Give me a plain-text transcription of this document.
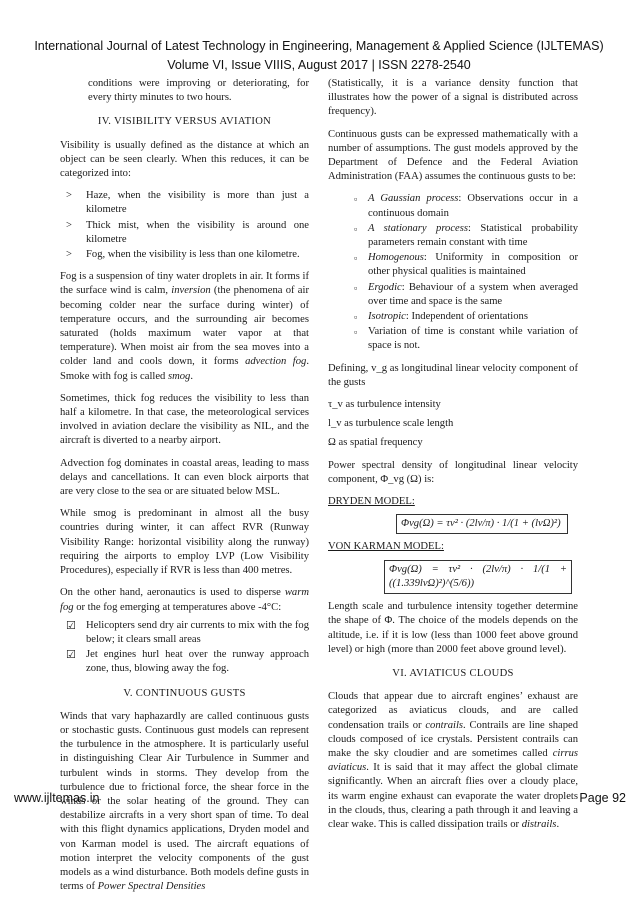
International Journal of Latest Technology in Engineering, Management & Applied Science (IJLTEMAS)
Volume VI, Issue VIIIS, August 2017 | ISSN 2278-2540

conditions were improving or deteriorating, for every thirty minutes to two hours.

IV. VISIBILITY VERSUS AVIATION

Visibility is usually defined as the distance at which an object can be seen clearly. When this reduces, it can be categorized into:

> Haze, when the visibility is more than just a kilometre
> Thick mist, when the visibility is around one kilometre
> Fog, when the visibility is less than one kilometre.

Fog is a suspension of tiny water droplets in air. It forms if the surface wind is calm, inversion (the phenomena of air becoming colder near the surface during winter) of temperature occurs, and the surrounding air becomes saturated (holds maximum water vapor at that temperature). When moist air from the sea moves into a colder land and cools down, it forms advection fog. Smoke with fog is called smog.

Sometimes, thick fog reduces the visibility to less than half a kilometre. In that case, the meteorological services involved in aviation declare the visibility as NIL, and the aircraft is diverted to a nearby airport.

Advection fog dominates in coastal areas, leading to mass delays and cancellations. It can even block airports that are very close to the sea or are situated below MSL.

While smog is predominant in almost all the busy countries during winter, it can affect RVR (Runway Visibility Range: horizontal visibility along the runway) requiring the airports to employ LVP (Low Visibility Procedures), especially if RVR is less than 400 metres.

On the other hand, aeronautics is used to disperse warm fog or the fog emerging at temperatures above -4°C:

☑ Helicopters send dry air currents to mix with the fog below; it clears small areas
☑ Jet engines hurl heat over the runway approach zone, thus, blowing away the fog.
V. CONTINUOUS GUSTS

Winds that vary haphazardly are called continuous gusts or stochastic gusts. Continuous gust models can represent the turbulence in the atmosphere. It is particularly useful in distinguishing Clear Air Turbulence in Summer and turbulent winds in storms. They develop from the turbulence due to frictional force, the shear force in the winds or the solar heating of the ground. They can destabilize aircrafts in a very short span of time. To deal with this flight dynamics applications, Dryden model and von Karman model is used. The aircraft equations of motion interpret the velocity components of the gust models as a wind disturbance. Both models define gusts in terms of Power Spectral Densities

(Statistically, it is a variance density function that illustrates how the power of a signal is distributed across frequency).

Continuous gusts can be expressed mathematically with a number of assumptions. The gust models approved by the Department of Defence and the Federal Aviation Administration (FAA) assumes the continuous gusts to be:

▫ A Gaussian process: Observations occur in a continuous domain
▫ A stationary process: Statistical probability parameters remain constant with time
▫ Homogenous: Uniformity in composition or other physical qualities is maintained
▫ Ergodic: Behaviour of a system when averaged over time and space is the same
▫ Isotropic: Independent of orientations
▫ Variation of time is constant while variation of space is not.

Defining, v_g as longitudinal linear velocity component of the gusts

τ_v as turbulence intensity

l_v as turbulence scale length

Ω as spatial frequency

Power spectral density of longitudinal linear velocity component, Φ_vg (Ω) is:

DRYDEN MODEL:
Φvg(Ω) = τv² · (2lv/π) · 1/(1 + (lvΩ)²)
VON KARMAN MODEL:
Φvg(Ω) = τv² · (2lv/π) · 1/(1 + ((1.339lvΩ)²)^(5/6))

Length scale and turbulence intensity together determine the shape of Φ. The choice of the models depends on the altitude, i.e. if it is low (less than 1000 feet above ground level) or high (more than 2000 feet above ground level).

VI. AVIATICUS CLOUDS

Clouds that appear due to aircraft engines’ exhaust are categorized as aviaticus clouds, and are called condensation trails or contrails. Contrails are line shaped clouds composed of ice crystals. Persistent contrails can make the sky cloudier and are sometimes called cirrus aviaticus. It is said that it may affect the global climate significantly. When an aircraft flies over a cloudy place, its warm engine exhaust can evaporate the water droplets in the clouds, thus, clearing a path through it and leaving a clear wake. This is called dissipation trails or distrails.

www.ijltemas.in	Page 92
